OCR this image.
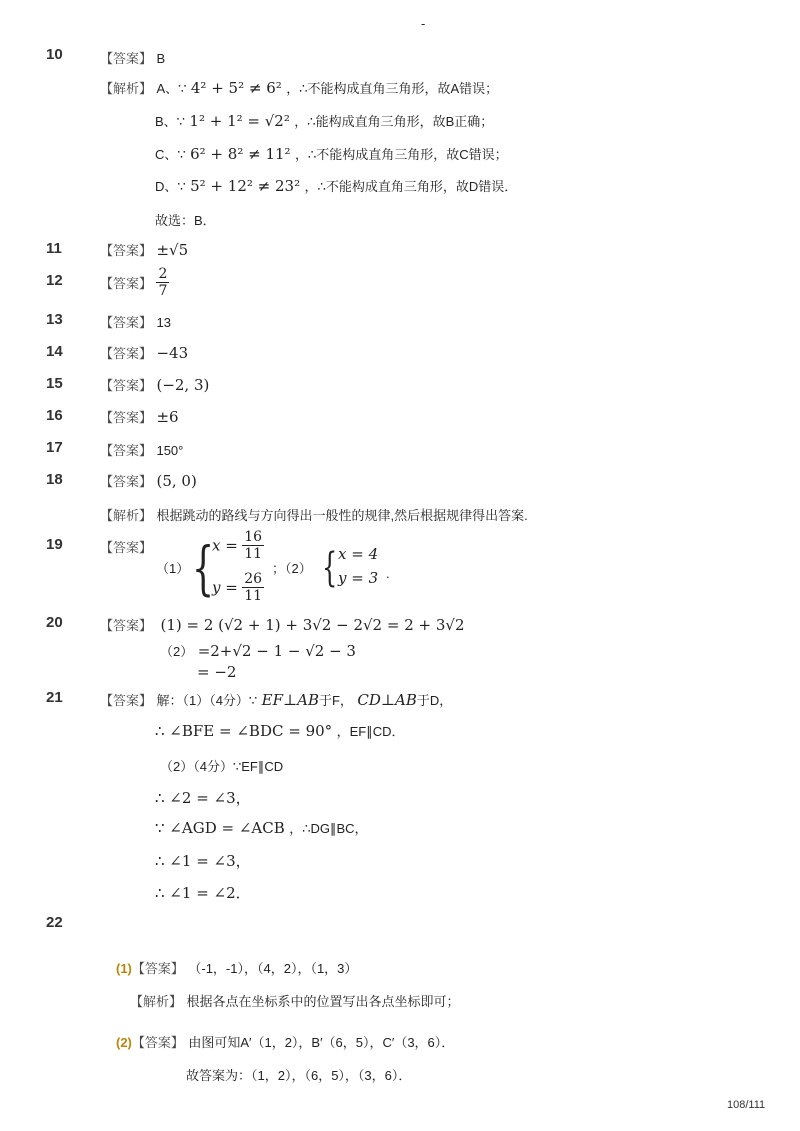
-
10	【答案】 B
【解析】 A、∵ 4² + 5² ≠ 6² ，∴不能构成直角三角形，故A错误；
B、∵ 1² + 1² = √2² ，∴能构成直角三角形，故B正确；
C、∵ 6² + 8² ≠ 11² ，∴不能构成直角三角形，故C错误；
D、∵ 5² + 12² ≠ 23² ，∴不能构成直角三角形，故D错误．
故选：B．
11	【答案】 ±√5
12	【答案】 $\frac{2}{7}$
13	【答案】 13
14	【答案】 −43
15	【答案】 (−2, 3)
16	【答案】 ±6
17	【答案】 150°
18	【答案】 (5, 0)
【解析】 根据跳动的路线与方向得出一般性的规律,然后根据规律得出答案.
19	【答案】
（1） {
$x = \frac{16}{11}$
$y = \frac{26}{11}$
；（2） { x = 4
y = 3 .
20	【答案】 (1) = 2 (√2 + 1) + 3√2 − 2√2 = 2 + 3√2
（2） =2+√2 − 1 − √2 − 3
= −2
21	【答案】 解：（1）（4分）∵ EF⊥AB于F， CD⊥AB于D，
∴ ∠BFE = ∠BDC = 90° ，EF∥CD．
（2）（4分）∵EF∥CD
∴ ∠2 = ∠3，
∵ ∠AGD = ∠ACB ，∴DG∥BC，
∴ ∠1 = ∠3，
∴ ∠1 = ∠2．
22
(1)【答案】 （-1，-1），（4，2），（1，3）
【解析】 根据各点在坐标系中的位置写出各点坐标即可；
(2)【答案】 由图可知A′（1，2），B′（6，5），C′（3，6）．
故答案为：（1，2），（6，5），（3，6）．
108/111
